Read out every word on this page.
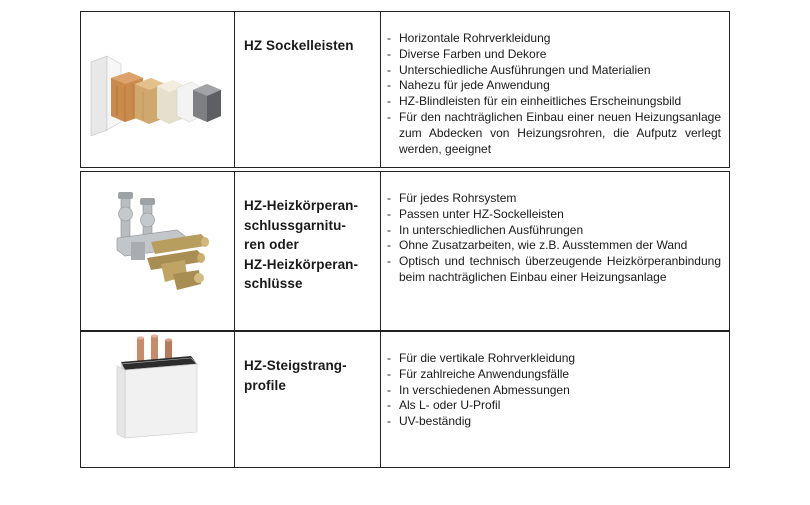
HZ Sockelleisten	- Horizontale Rohrverkleidung
- Diverse Farben und Dekore
- Unterschiedliche Ausführungen und Materialien
- Nahezu für jede Anwendung
- HZ-Blindleisten für ein einheitliches Erscheinungsbild
- Für den nachträglichen Einbau einer neuen Heizungsanlage zum Abdecken von Heizungsrohren, die Aufputz verlegt werden, geeignet
HZ-Heizkörperan-
schlussgarnitu-
ren oder
HZ-Heizkörperan-
schlüsse
- Für jedes Rohrsystem
- Passen unter HZ-Sockelleisten
- In unterschiedlichen Ausführungen
- Ohne Zusatzarbeiten, wie z.B. Ausstemmen der Wand
- Optisch und technisch überzeugende Heizkörperanbindung beim nachträglichen Einbau einer Heizungsanlage
HZ-Steigstrang-
profile
- Für die vertikale Rohrverkleidung
- Für zahlreiche Anwendungsfälle
- In verschiedenen Abmessungen
- Als L- oder U-Profil
- UV-beständig
